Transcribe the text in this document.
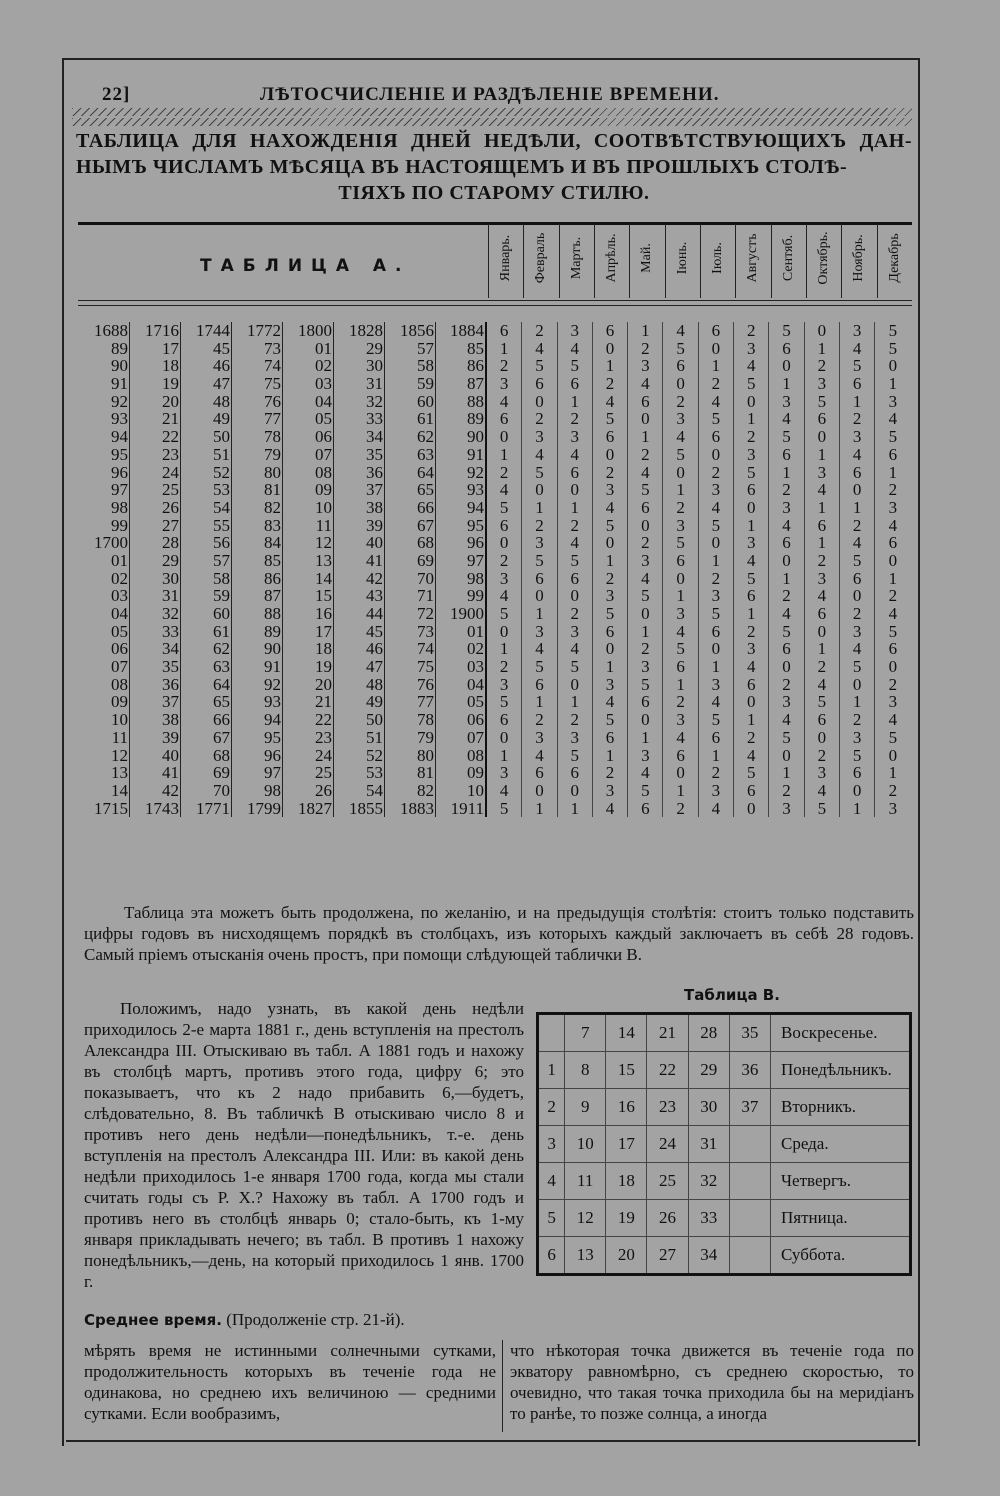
22]	ЛѢТОСЧИСЛЕНІЕ И РАЗДѢЛЕНІЕ ВРЕМЕНИ.
ТАБЛИЦА ДЛЯ НАХОЖДЕНІЯ ДНЕЙ НЕДѢЛИ, СООТВѢТСТВУЮЩИХЪ ДАН- НЫМЪ ЧИСЛАМЪ МѢСЯЦА ВЪ НАСТОЯЩЕМЪ И ВЪ ПРОШЛЫХЪ СТОЛѢ-
ТІЯХЪ ПО СТАРОМУ СТИЛЮ.
ТАБЛИЦА А.	Январь. Февраль Мартъ. Апрѣль. Май. Іюнь. Іюль. Августъ Сентяб. Октябрь. Ноябрь. Декабрь
1688	1716	1744	1772	1800	1828	1856 1884 6	2	3	6	1	4	6	2	5	0	3	5
89	17	45	73	01	29	57	85 1	4	4	0	2	5	0	3	6	1	4	5
90	18	46	74	02	30	58	86 2	5	5	1	3	6	1	4	0	2	5	0
91	19	47	75	03	31	59	87 3	6	6	2	4	0	2	5	1	3	6	1
92	20	48	76	04	32	60	88 4	0	1	4	6	2	4	0	3	5	1	3
93	21	49	77	05	33	61	89 6	2	2	5	0	3	5	1	4	6	2	4
94	22	50	78	06	34	62	90 0	3	3	6	1	4	6	2	5	0	3	5
95	23	51	79	07	35	63	91 1	4	4	0	2	5	0	3	6	1	4	6
96	24	52	80	08	36	64	92 2	5	6	2	4	0	2	5	1	3	6	1
97	25	53	81	09	37	65	93 4	0	0	3	5	1	3	6	2	4	0	2
98	26	54	82	10	38	66	94 5	1	1	4	6	2	4	0	3	1	1	3
99	27	55	83	11	39	67	95 6	2	2	5	0	3	5	1	4	6	2	4
1700	28	56	84	12	40	68	96 0	3	4	0	2	5	0	3	6	1	4	6
01	29	57	85	13	41	69	97 2	5	5	1	3	6	1	4	0	2	5	0
02	30	58	86	14	42	70	98 3	6	6	2	4	0	2	5	1	3	6	1
03	31	59	87	15	43	71	99 4	0	0	3	5	1	3	6	2	4	0	2
04	32	60	88	16	44	72 1900 5	1	2	5	0	3	5	1	4	6	2	4
05	33	61	89	17	45	73	01 0	3	3	6	1	4	6	2	5	0	3	5
06	34	62	90	18	46	74	02 1	4	4	0	2	5	0	3	6	1	4	6
07	35	63	91	19	47	75	03 2	5	5	1	3	6	1	4	0	2	5	0
08	36	64	92	20	48	76	04 3	6	0	3	5	1	3	6	2	4	0	2
09	37	65	93	21	49	77	05 5	1	1	4	6	2	4	0	3	5	1	3
10	38	66	94	22	50	78	06 6	2	2	5	0	3	5	1	4	6	2	4
11	39	67	95	23	51	79	07 0	3	3	6	1	4	6	2	5	0	3	5
12	40	68	96	24	52	80	08 1	4	5	1	3	6	1	4	0	2	5	0
13	41	69	97	25	53	81	09 3	6	6	2	4	0	2	5	1	3	6	1
14	42	70	98	26	54	82	10 4	0	0	3	5	1	3	6	2	4	0	2
1715	1743	1771	1799	1827	1855	1883 1911 5	1	1	4	6	2	4	0	3	5	1	3
Таблица эта можетъ быть продолжена, по желанію, и на предыдущія столѣтія: стоитъ только подставить цифры годовъ въ нисходящемъ порядкѣ въ столбцахъ, изъ которыхъ каждый заключаетъ въ себѣ 28 годовъ. Самый пріемъ отысканія очень простъ, при помощи слѣдующей таблички В.
Положимъ, надо узнать, въ какой день недѣли приходилось 2-е марта 1881 г., день вступленія на престолъ Александра III. Отыскиваю въ табл. А 1881 годъ и нахожу въ столбцѣ мартъ, противъ этого года, цифру 6; это показываетъ, что къ 2 надо прибавить 6,—будетъ, слѣдовательно, 8. Въ табличкѣ В отыскиваю число 8 и противъ него день недѣли—понедѣльникъ, т.-е. день вступленія на престолъ Александра III. Или: въ какой день недѣли приходилось 1-е января 1700 года, когда мы стали считать годы съ Р. Х.? Нахожу въ табл. А 1700 годъ и противъ него въ столбцѣ январь 0; стало-быть, къ 1-му января прикладывать нечего; въ табл. В противъ 1 нахожу понедѣльникъ,—день, на который приходилось 1 янв. 1700 г.
Таблица В.
	7	14	21	28	35	Воскресенье.
1	8	15	22	29	36	Понедѣльникъ.
2	9	16	23	30	37	Вторникъ.
3	10	17	24	31		Среда.
4	11	18	25	32		Четвергъ.
5	12	19	26	33		Пятница.
6	13	20	27	34		Суббота.
Среднее время. (Продолженіе стр. 21-й).
мѣрять время не истинными солнечными сутками, продолжительность которыхъ въ теченіе года не одинакова, но среднею ихъ величиною — средними сутками. Если вообразимъ,
что нѣкоторая точка движется въ теченіе года по экватору равномѣрно, съ среднею скоростью, то очевидно, что такая точка приходила бы на меридіанъ то ранѣе, то позже солнца, а иногда
